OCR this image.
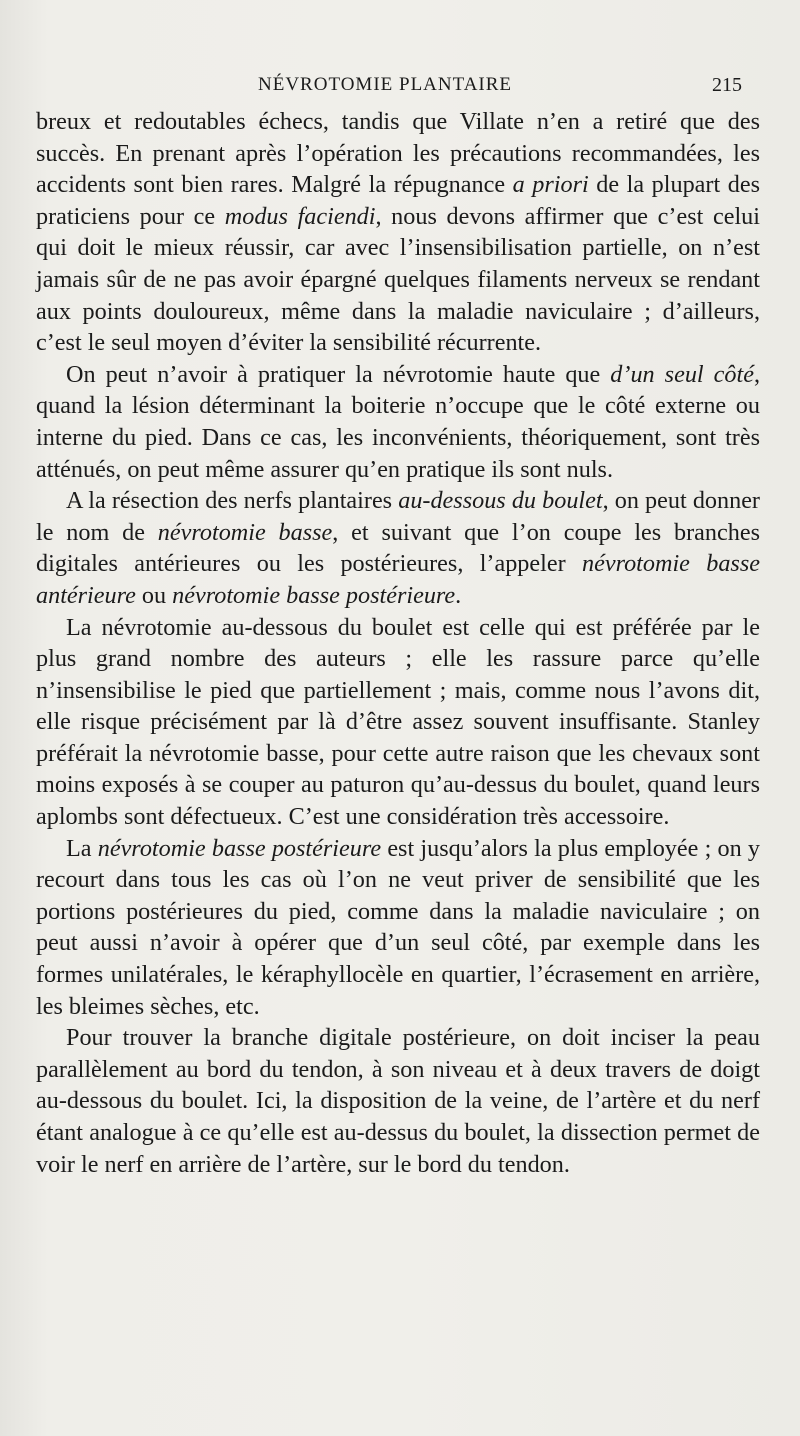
NÉVROTOMIE PLANTAIRE	215

breux et redoutables échecs, tandis que Villate n’en a retiré que des succès. En prenant après l’opération les précautions recommandées, les accidents sont bien rares. Malgré la répugnance a priori de la plupart des praticiens pour ce modus faciendi, nous devons affirmer que c’est celui qui doit le mieux réussir, car avec l’insensibilisation partielle, on n’est jamais sûr de ne pas avoir épargné quelques filaments nerveux se rendant aux points douloureux, même dans la maladie naviculaire ; d’ailleurs, c’est le seul moyen d’éviter la sensibilité récurrente.

On peut n’avoir à pratiquer la névrotomie haute que d’un seul côté, quand la lésion déterminant la boiterie n’occupe que le côté externe ou interne du pied. Dans ce cas, les inconvénients, théoriquement, sont très atténués, on peut même assurer qu’en pratique ils sont nuls.

A la résection des nerfs plantaires au-dessous du boulet, on peut donner le nom de névrotomie basse, et suivant que l’on coupe les branches digitales antérieures ou les postérieures, l’appeler névrotomie basse antérieure ou névrotomie basse postérieure.

La névrotomie au-dessous du boulet est celle qui est préférée par le plus grand nombre des auteurs ; elle les rassure parce qu’elle n’insensibilise le pied que partiellement ; mais, comme nous l’avons dit, elle risque précisément par là d’être assez souvent insuffisante. Stanley préférait la névrotomie basse, pour cette autre raison que les chevaux sont moins exposés à se couper au paturon qu’au-dessus du boulet, quand leurs aplombs sont défectueux. C’est une considération très accessoire.

La névrotomie basse postérieure est jusqu’alors la plus employée ; on y recourt dans tous les cas où l’on ne veut priver de sensibilité que les portions postérieures du pied, comme dans la maladie naviculaire ; on peut aussi n’avoir à opérer que d’un seul côté, par exemple dans les formes unilatérales, le kéraphyllocèle en quartier, l’écrasement en arrière, les bleimes sèches, etc.

Pour trouver la branche digitale postérieure, on doit inciser la peau parallèlement au bord du tendon, à son niveau et à deux travers de doigt au-dessous du boulet. Ici, la disposition de la veine, de l’artère et du nerf étant analogue à ce qu’elle est au-dessus du boulet, la dissection permet de voir le nerf en arrière de l’artère, sur le bord du tendon.
